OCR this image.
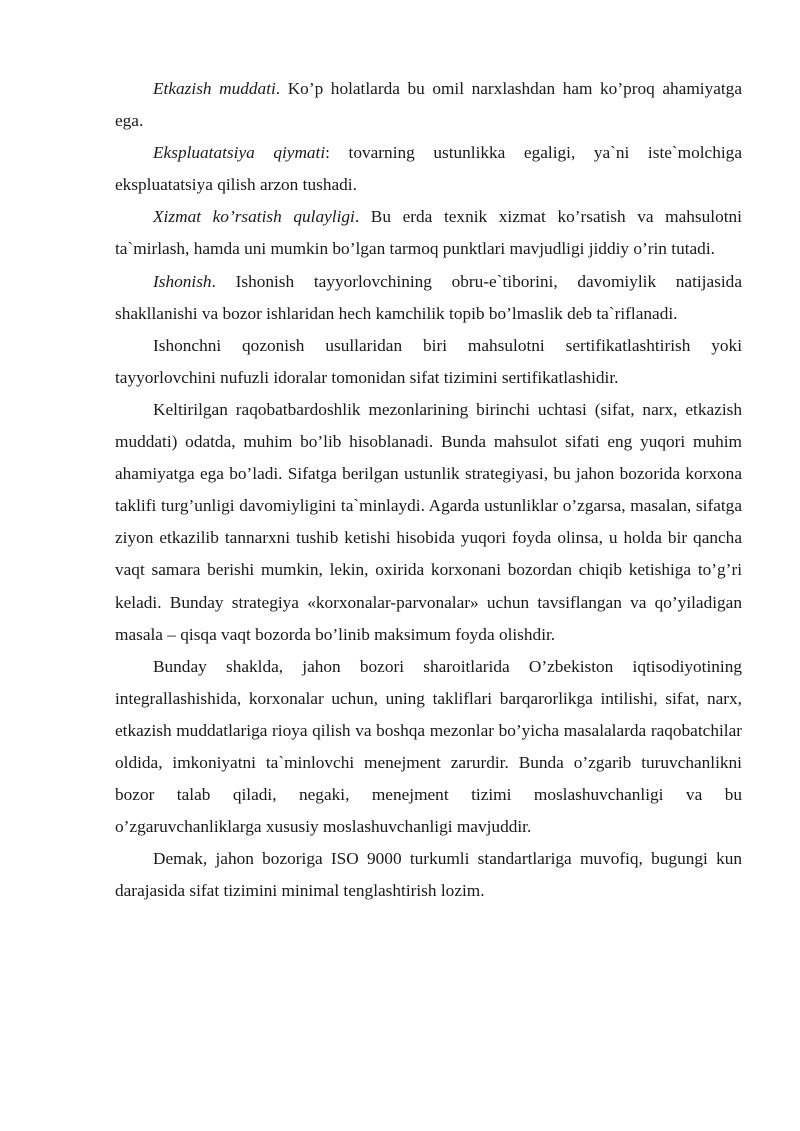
Etkazish muddati. Ko’p holatlarda bu omil narxlashdan ham ko’proq ahamiyatga ega.

Ekspluatatsiya qiymati: tovarning ustunlikka egaligi, ya`ni iste`molchiga ekspluatatsiya qilish arzon tushadi.

Xizmat ko’rsatish qulayligi. Bu erda texnik xizmat ko’rsatish va mahsulotni ta`mirlash, hamda uni mumkin bo’lgan tarmoq punktlari mavjudligi jiddiy o’rin tutadi.

Ishonish. Ishonish tayyorlovchining obru-e`tiborini, davomiylik natijasida shakllanishi va bozor ishlaridan hech kamchilik topib bo’lmaslik deb ta`riflanadi.

Ishonchni qozonish usullaridan biri mahsulotni sertifikatlashtirish yoki tayyorlovchini nufuzli idoralar tomonidan sifat tizimini sertifikatlashidir.

Keltirilgan raqobatbardoshlik mezonlarining birinchi uchtasi (sifat, narx, etkazish muddati) odatda, muhim bo’lib hisoblanadi. Bunda mahsulot sifati eng yuqori muhim ahamiyatga ega bo’ladi. Sifatga berilgan ustunlik strategiyasi, bu jahon bozorida korxona taklifi turg’unligi davomiyligini ta`minlaydi. Agarda ustunliklar o’zgarsa, masalan, sifatga ziyon etkazilib tannarxni tushib ketishi hisobida yuqori foyda olinsa, u holda bir qancha vaqt samara berishi mumkin, lekin, oxirida korxonani bozordan chiqib ketishiga to’g’ri keladi. Bunday strategiya «korxonalar-parvonalar» uchun tavsiflangan va qo’yiladigan masala – qisqa vaqt bozorda bo’linib maksimum foyda olishdir.

Bunday shaklda, jahon bozori sharoitlarida O’zbekiston iqtisodiyotining integrallashishida, korxonalar uchun, uning takliflari barqarorlikga intilishi, sifat, narx, etkazish muddatlariga rioya qilish va boshqa mezonlar bo’yicha masalalarda raqobatchilar oldida, imkoniyatni ta`minlovchi menejment zarurdir. Bunda o’zgarib turuvchanlikni bozor talab qiladi, negaki, menejment tizimi moslashuvchanligi va bu o’zgaruvchanliklarga xususiy moslashuvchanligi mavjuddir.

Demak, jahon bozoriga ISO 9000 turkumli standartlariga muvofiq, bugungi kun darajasida sifat tizimini minimal tenglashtirish lozim.
